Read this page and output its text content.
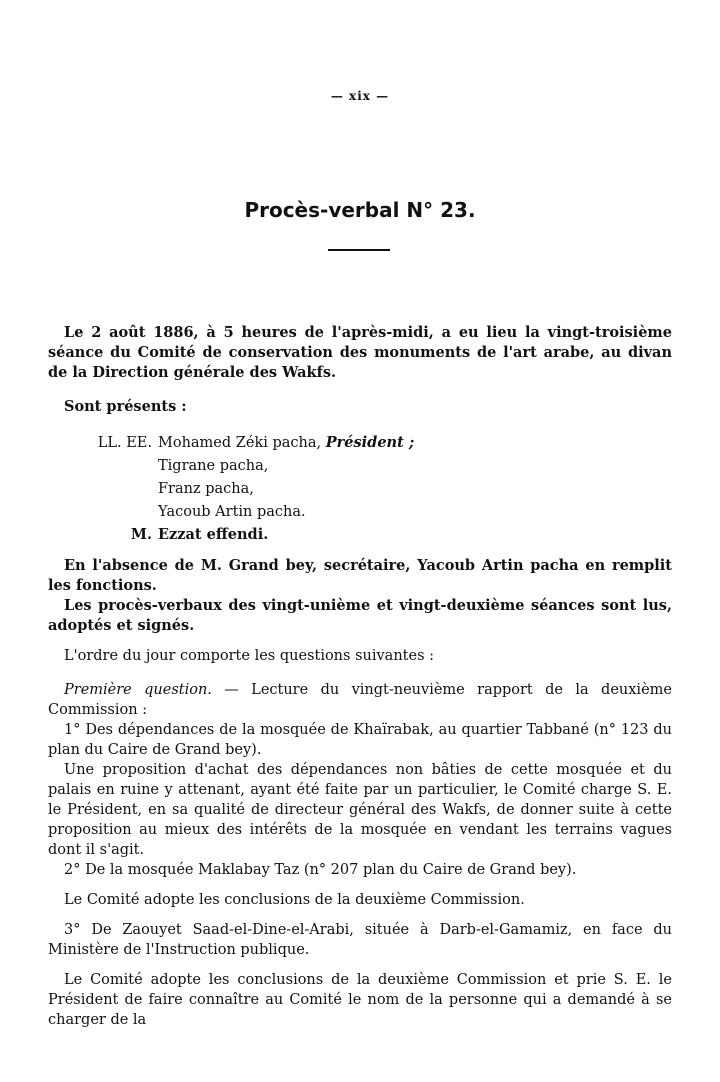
— xix —
Procès-verbal N° 23.

Le 2 août 1886, à 5 heures de l'après-midi, a eu lieu la vingt-troisième séance du Comité de conservation des monuments de l'art arabe, au divan de la Direction générale des Wakfs.

Sont présents :

LL. EE. Mohamed Zéki pacha,
Président ;
Tigrane pacha,
Franz pacha,
Yacoub Artin pacha.
M. Ezzat effendi.

En l'absence de M. Grand bey, secrétaire, Yacoub Artin pacha en remplit les fonctions.

Les procès-verbaux des vingt-unième et vingt-deuxième séances sont lus, adoptés et signés.

L'ordre du jour comporte les questions suivantes :

Première question. — Lecture du vingt-neuvième rapport de la deuxième Commission :

1° Des dépendances de la mosquée de Khaïrabak, au quartier Tabbané (n° 123 du plan du Caire de Grand bey).

Une proposition d'achat des dépendances non bâties de cette mosquée et du palais en ruine y attenant, ayant été faite par un particulier, le Comité charge S. E. le Président, en sa qualité de directeur général des Wakfs, de donner suite à cette proposition au mieux des intérêts de la mosquée en vendant les terrains vagues dont il s'agit.

2° De la mosquée Maklabay Taz (n° 207 plan du Caire de Grand bey).

Le Comité adopte les conclusions de la deuxième Commission.

3° De Zaouyet Saad-el-Dine-el-Arabi, située à Darb-el-Gamamiz, en face du Ministère de l'Instruction publique.

Le Comité adopte les conclusions de la deuxième Commission et prie S. E. le Président de faire connaître au Comité le nom de la personne qui a demandé à se charger de la
